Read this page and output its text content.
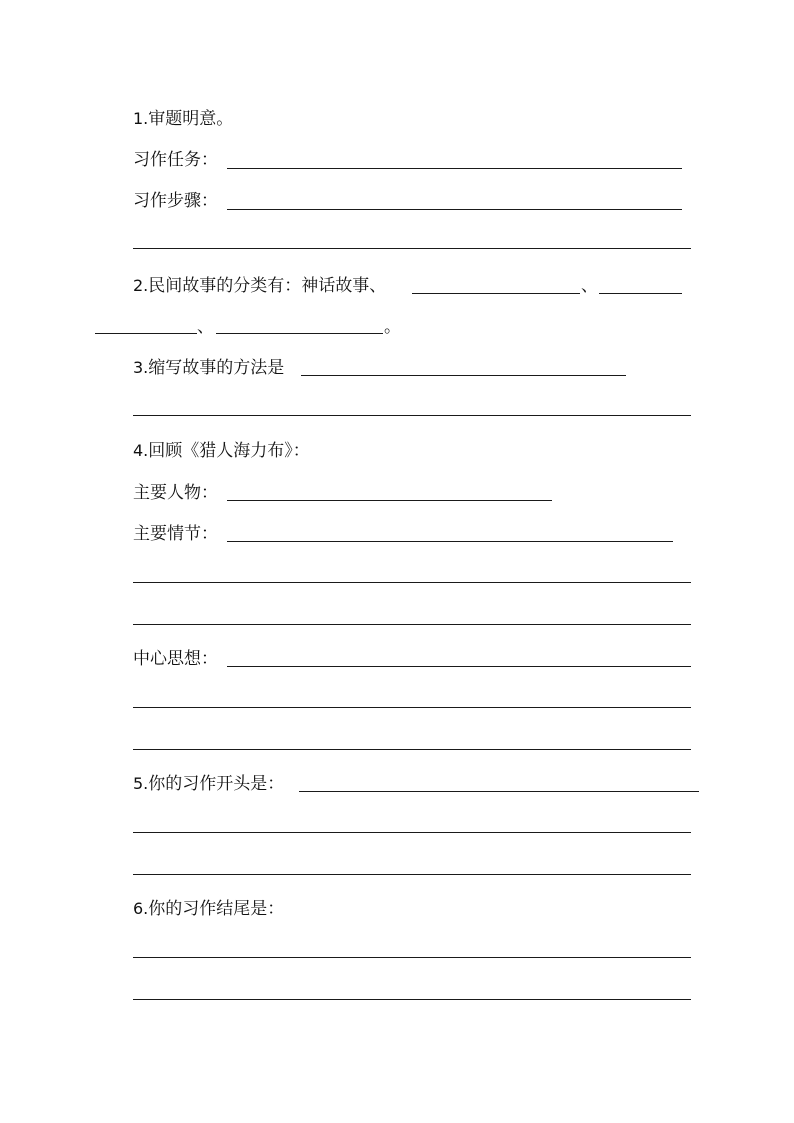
1.审题明意。
习作任务：
习作步骤：
2.民间故事的分类有：神话故事、	、
、	。
3.缩写故事的方法是
4.回顾《猎人海力布》：
主要人物：
主要情节：
中心思想：
5.你的习作开头是：
6.你的习作结尾是：
